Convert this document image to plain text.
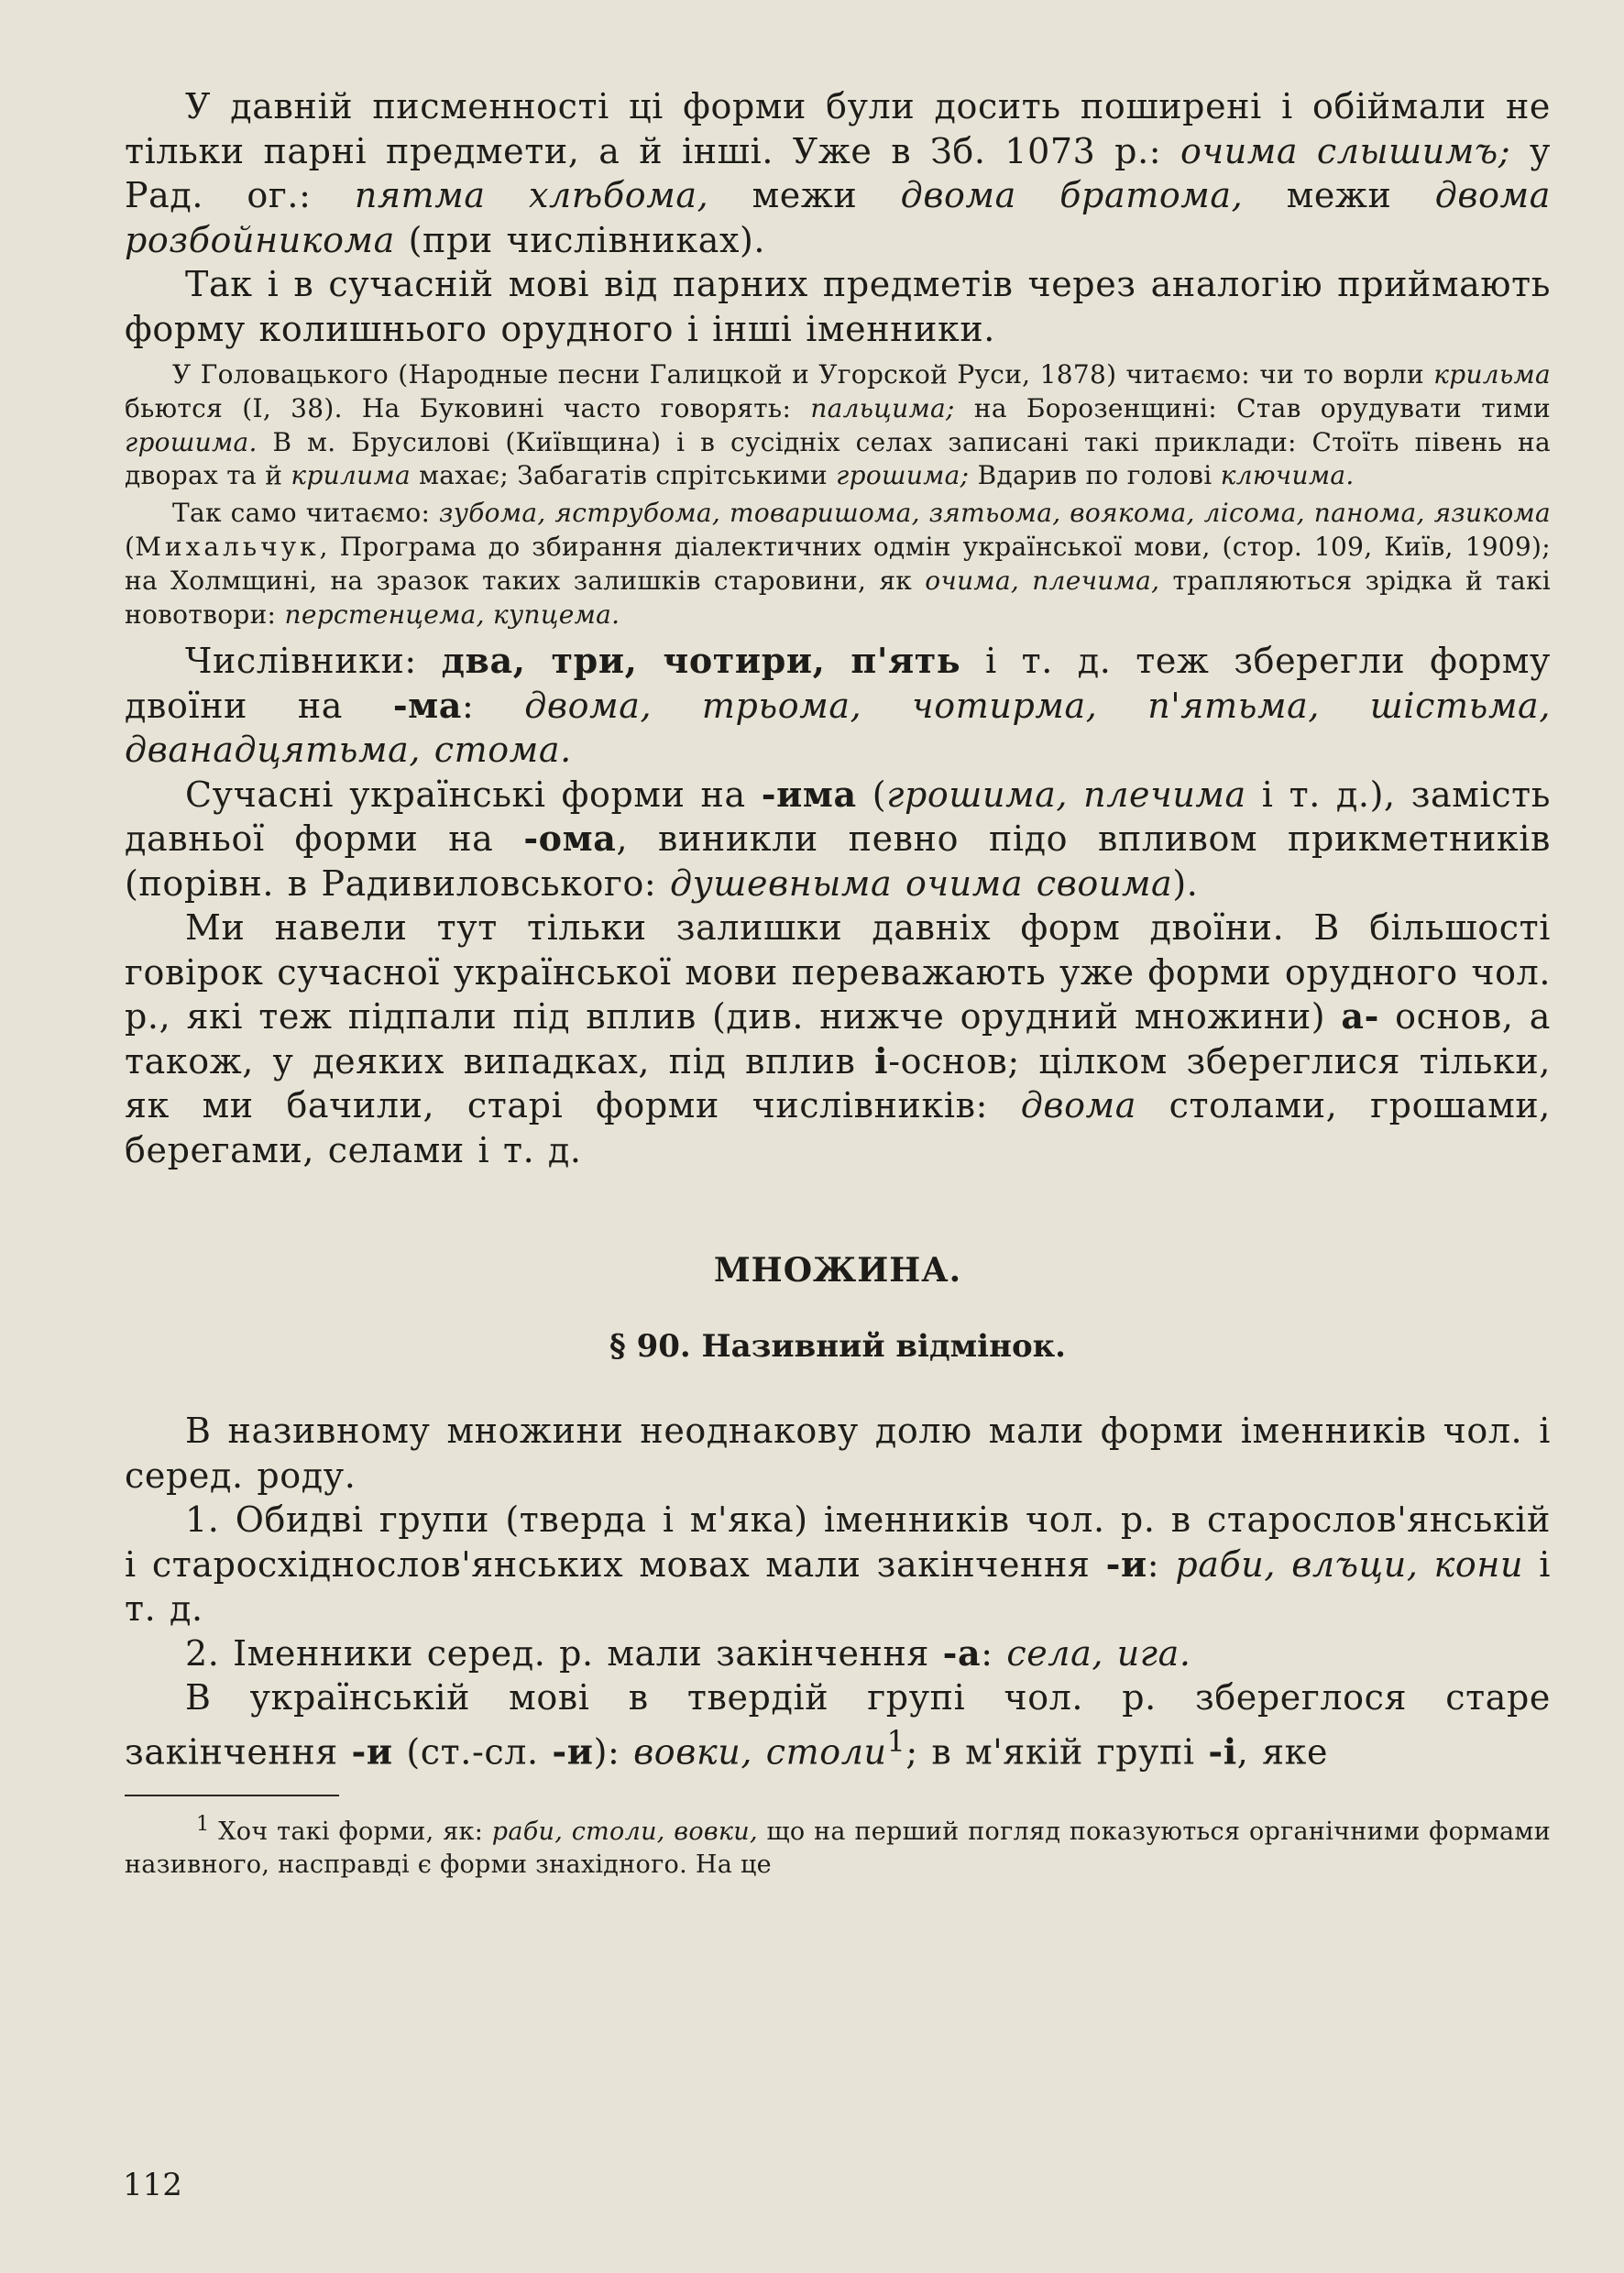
У давній писменності ці форми були досить поширені і обіймали не тільки парні предмети, а й інші. Уже в Зб. 1073 р.: очима слышимъ; у Рад. ог.: пятма хлѣбома, межи двома братома, межи двома розбойникома (при числівниках).

Так і в сучасній мові від парних предметів через аналогію приймають форму колишнього орудного і інші іменники.

У Головацького (Народные песни Галицкой и Угорской Руси, 1878) читаємо: чи то ворли крильма бьются (I, 38). На Буковині часто говорять: пальцима; на Борозенщині: Став орудувати тими грошима. В м. Брусилові (Київщина) і в сусідніх селах записані такі приклади: Стоїть півень на дворах та й крилима махає; Забагатів спрітськими грошима; Вдарив по голові ключима.

Так само читаємо: зубома, яструбома, товаришома, зятьома, воякома, лісома, панома, язикома (Михальчук, Програма до збирання діалектичних одмін української мови, (стор. 109, Київ, 1909); на Холмщині, на зразок таких залишків старовини, як очима, плечима, трапляються зрідка й такі новотвори: перстенцема, купцема.

Числівники: два, три, чотири, п'ять і т. д. теж зберегли форму двоїни на -ма: двома, трьома, чотирма, п'ятьма, шістьма, дванадцятьма, стома.

Сучасні українські форми на -има (грошима, плечима і т. д.), замість давньої форми на -ома, виникли певно підо впливом прикметників (порівн. в Радивиловського: душевныма очима своима).

Ми навели тут тільки залишки давніх форм двоїни. В більшості говірок сучасної української мови переважають уже форми орудного чол. р., які теж підпали під вплив (див. нижче орудний множини) а- основ, а також, у деяких випадках, під вплив і-основ; цілком збереглися тільки, як ми бачили, старі форми числівників: двома столами, грошами, берегами, селами і т. д.

МНОЖИНА.
§ 90. Називний відмінок.

В називному множини неоднакову долю мали форми іменників чол. і серед. роду.

1. Обидві групи (тверда і м'яка) іменників чол. р. в старослов'янській і старосхіднослов'янських мовах мали закінчення -и: раби, влъци, кони і т. д.

2. Іменники серед. р. мали закінчення -а: села, ига.

В українській мові в твердій групі чол. р. збереглося старе закінчення -и (ст.-сл. -и): вовки, столи$^1$; в м'якій групі -і, яке

$^1$ Хоч такі форми, як: раби, столи, вовки, що на перший погляд показуються органічними формами називного, насправді є форми знахідного. На це

112
